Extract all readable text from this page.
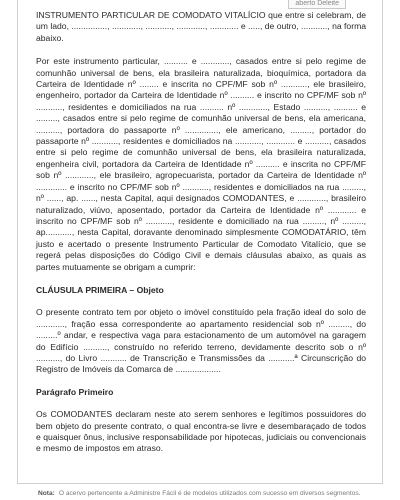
aberto Deleite

INSTRUMENTO PARTICULAR DE COMODATO VITALÍCIO que entre si celebram, de um lado, ..............., ............, ..........., ............, ............ e ....., de outro, ..........., na forma abaixo.

Por este instrumento particular, .......... e ............, casados entre si pelo regime de comunhão universal de bens, ela brasileira naturalizada, bioquímica, portadora da Carteira de Identidade nº ........ e inscrita no CPF/MF sob nº ..........., ele brasileiro, engenheiro, portador da Carteira de Identidade nº .......... e inscrito no CPF/MF sob nº ..........., residentes e domiciliados na rua .......... nº ............, Estado .........., .......... e ........., casados entre si pelo regime de comunhão universal de bens, ela americana, .........., portadora do passaporte nº .............., ele americano, ........., portador do passaporte nº ..........., residentes e domiciliados na ..........., ............ e .........., casados entre si pelo regime de comunhão universal de bens, ela brasileira naturalizada, engenheira civil, portadora da Carteira de Identidade nº .......... e inscrita no CPF/MF sob nº ............, ele brasileiro, agropecuarista, portador da Carteira de Identidade nº ............. e inscrito no CPF/MF sob nº ..........., residentes e domiciliados na rua ........., nº ......, ap. ......, nesta Capital, aqui designados COMODANTES, e ............, brasileiro naturalizado, viúvo, aposentado, portador da Carteira de Identidade nº ............ e inscrito no CPF/MF sob nº ..........., residente e domiciliado na rua ........., nº ........., ap..........., nesta Capital, doravante denominado simplesmente COMODATÁRIO, têm justo e acertado o presente Instrumento Particular de Comodato Vitalício, que se regerá pelas disposições do Código Civil e demais cláusulas abaixo, as quais as partes mutuamente se obrigam a cumprir:

CLÁUSULA PRIMEIRA – Objeto

O presente contrato tem por objeto o imóvel constituído pela fração ideal do solo de ............, fração essa correspondente ao apartamento residencial sob nº ........., do .........º andar, e respectiva vaga para estacionamento de um automóvel na garagem do Edifício .........., construído no referido terreno, devidamente descrito sob o nº .........., do Livro ........... de Transcrição e Transmissões da ...........ª Circunscrição do Registro de Imóveis da Comarca de ...................

Parágrafo Primeiro

Os COMODANTES declaram neste ato serem senhores e legítimos possuidores do bem objeto do presente contrato, o qual encontra-se livre e desembaraçado de todos e quaisquer ônus, inclusive responsabilidade por hipotecas, judiciais ou convencionais e mesmo de impostos em atraso.

Nota: O acervo pertencente a Administre Fácil é de modelos utilizados com sucesso em diversos segmentos.
